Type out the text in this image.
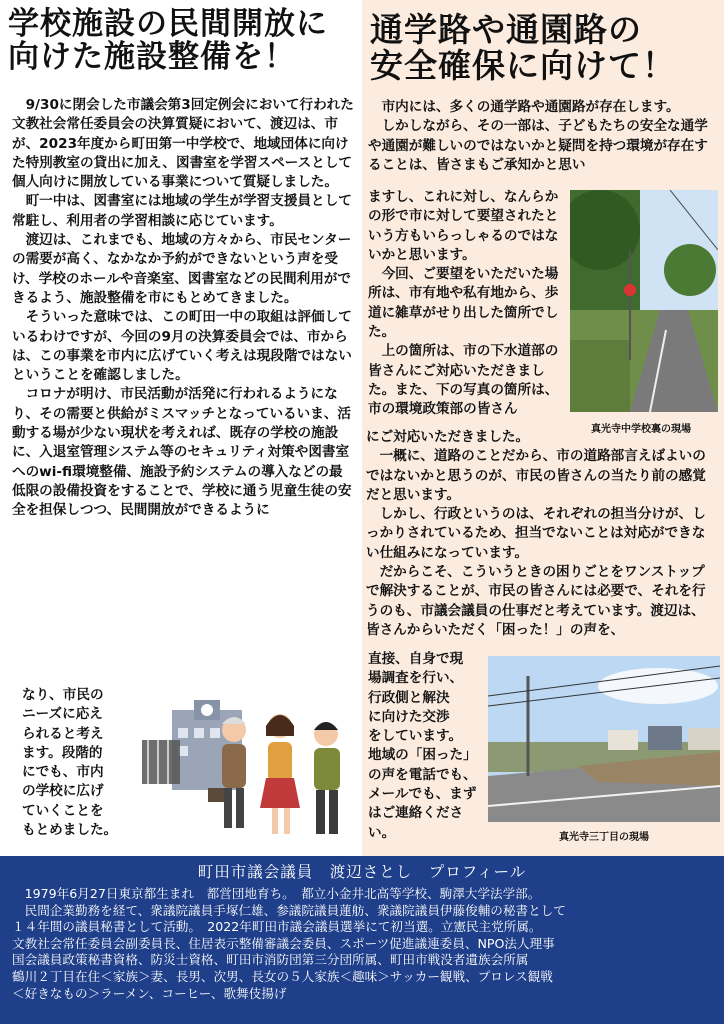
学校施設の民間開放に
向けた施設整備を！

9/30に閉会した市議会第3回定例会において行われた文教社会常任委員会の決算質疑において、渡辺は、市が、2023年度から町田第一中学校で、地域団体に向けた特別教室の貸出に加え、図書室を学習スペースとして個人向けに開放している事業について質疑しました。

町一中は、図書室には地域の学生が学習支援員として常駐し、利用者の学習相談に応じています。

渡辺は、これまでも、地域の方々から、市民センターの需要が高く、なかなか予約ができないという声を受け、学校のホールや音楽室、図書室などの民間利用ができるよう、施設整備を市にもとめてきました。

そういった意味では、この町田一中の取組は評価しているわけですが、今回の9月の決算委員会では、市からは、この事業を市内に広げていく考えは現段階ではないということを確認しました。

コロナが明け、市民活動が活発に行われるようになり、その需要と供給がミスマッチとなっているいま、活動する場が少ない現状を考えれば、既存の学校の施設に、入退室管理システム等のセキュリティ対策や図書室へのwi-fi環境整備、施設予約システムの導入などの最低限の設備投資をすることで、学校に通う児童生徒の安全を担保しつつ、民間開放ができるように

なり、市民の

ニーズに応え

られると考え

ます。段階的

にでも、市内

の学校に広げ

ていくことを

もとめました。

通学路や通園路の
安全確保に向けて！

市内には、多くの通学路や通園路が存在します。

しかしながら、その一部は、子どもたちの安全な通学や通園が難しいのではないかと疑問を持つ環境が存在することは、皆さまもご承知かと思い

ますし、これに対し、なんらかの形で市に対して要望されたという方もいらっしゃるのではないかと思います。

今回、ご要望をいただいた場所は、市有地や私有地から、歩道に雑草がせり出した箇所でした。

上の箇所は、市の下水道部の皆さんにご対応いただきました。また、下の写真の箇所は、市の環境政策部の皆さん

真光寺中学校裏の現場

にご対応いただきました。

一概に、道路のことだから、市の道路部言えばよいのではないかと思うのが、市民の皆さんの当たり前の感覚だと思います。

しかし、行政というのは、それぞれの担当分けが、しっかりされているため、担当でないことは対応ができない仕組みになっています。

だからこそ、こういうときの困りごとをワンストップで解決することが、市民の皆さんには必要で、それを行うのも、市議会議員の仕事だと考えています。渡辺は、皆さんからいただく「困った！」の声を、

直接、自身で現

場調査を行い、

行政側と解決

に向けた交渉

をしています。

地域の「困った」

の声を電話でも、

メールでも、まず

はご連絡ください。	真光寺三丁目の現場
町田市議会議員　渡辺さとし　プロフィール
　1979年6月27日東京都生まれ　都営団地育ち。　都立小金井北高等学校、駒澤大学法学部。
　民間企業勤務を経て、衆議院議員手塚仁雄、参議院議員蓮舫、衆議院議員伊藤俊輔の秘書として
１４年間の議員秘書として活動。　2022年町田市議会議員選挙にて初当選。立憲民主党所属。
文教社会常任委員会副委員長、住居表示整備審議会委員、スポーツ促進議連委員、NPO法人理事
国会議員政策秘書資格、防災士資格、町田市消防団第三分団所属、町田市戦没者遺族会所属
鶴川２丁目在住＜家族＞妻、長男、次男、長女の５人家族＜趣味＞サッカー観戦、プロレス観戦
＜好きなもの＞ラーメン、コーヒー、歌舞伎揚げ
